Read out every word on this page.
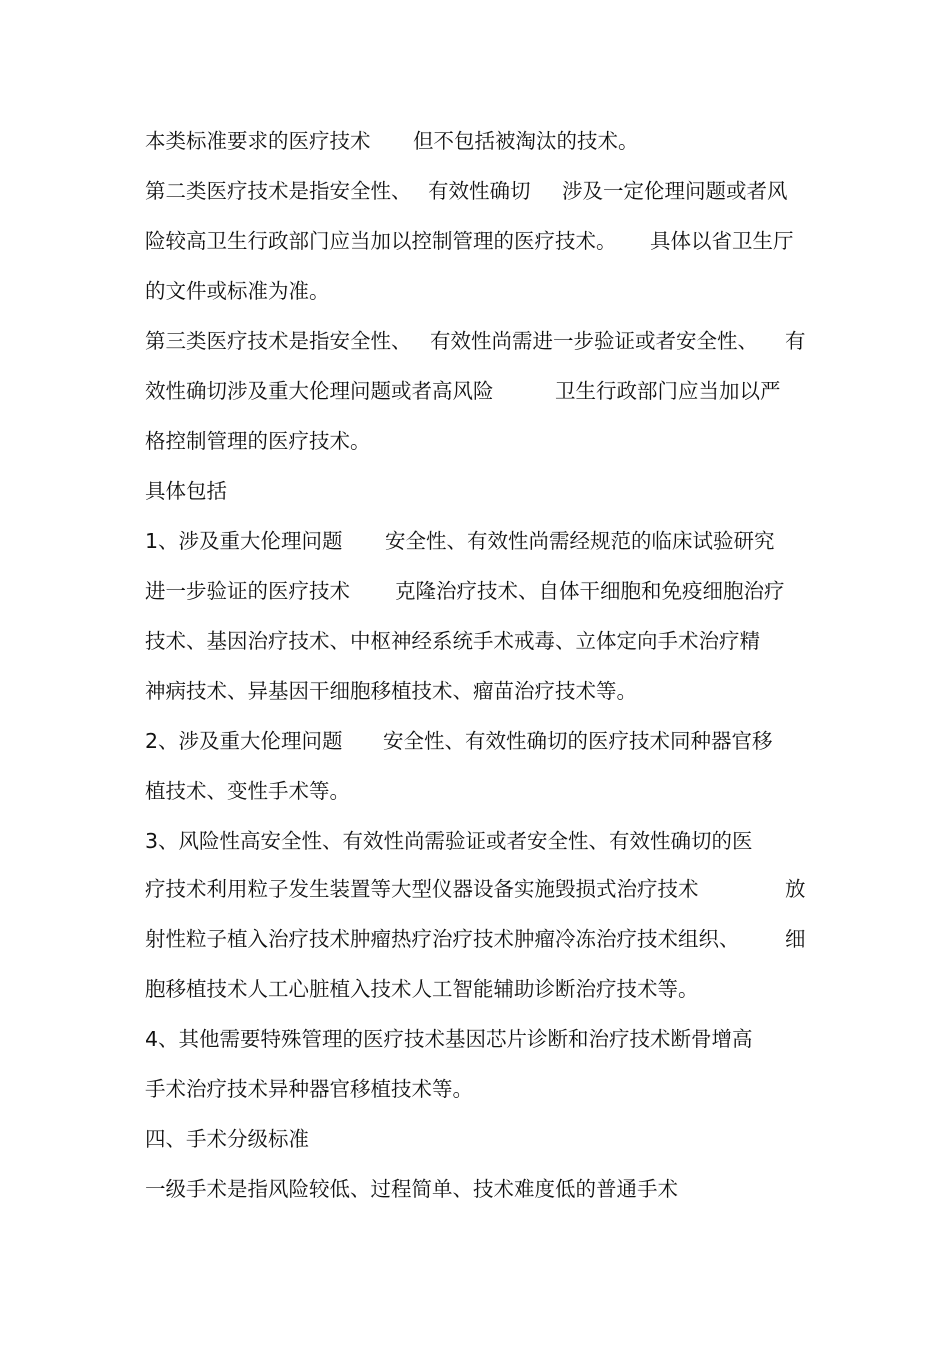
本类标准要求的医疗技术

但不包括被淘汰的技术。

第二类医疗技术是指安全性、

有效性确切

涉及一定伦理问题或者风

险较高卫生行政部门应当加以控制管理的医疗技术。

具体以省卫生厅

的文件或标准为准。

第三类医疗技术是指安全性、

有效性尚需进一步验证或者安全性、

有

效性确切涉及重大伦理问题或者高风险

	卫生行政部门应当加以严

格控制管理的医疗技术。

具体包括

1、涉及重大伦理问题

安全性、有效性尚需经规范的临床试验研究

进一步验证的医疗技术

克隆治疗技术、自体干细胞和免疫细胞治疗

技术、基因治疗技术、中枢神经系统手术戒毒、立体定向手术治疗精

神病技术、异基因干细胞移植技术、瘤苗治疗技术等。

2、涉及重大伦理问题

安全性、有效性确切的医疗技术同种器官移

植技术、变性手术等。

3、风险性高安全性、有效性尚需验证或者安全性、有效性确切的医

疗技术利用粒子发生装置等大型仪器设备实施毁损式治疗技术

	放

射性粒子植入治疗技术肿瘤热疗治疗技术肿瘤冷冻治疗技术组织、

细

胞移植技术人工心脏植入技术人工智能辅助诊断治疗技术等。

4、其他需要特殊管理的医疗技术基因芯片诊断和治疗技术断骨增高

手术治疗技术异种器官移植技术等。

四、手术分级标准

一级手术是指风险较低、过程简单、技术难度低的普通手术
